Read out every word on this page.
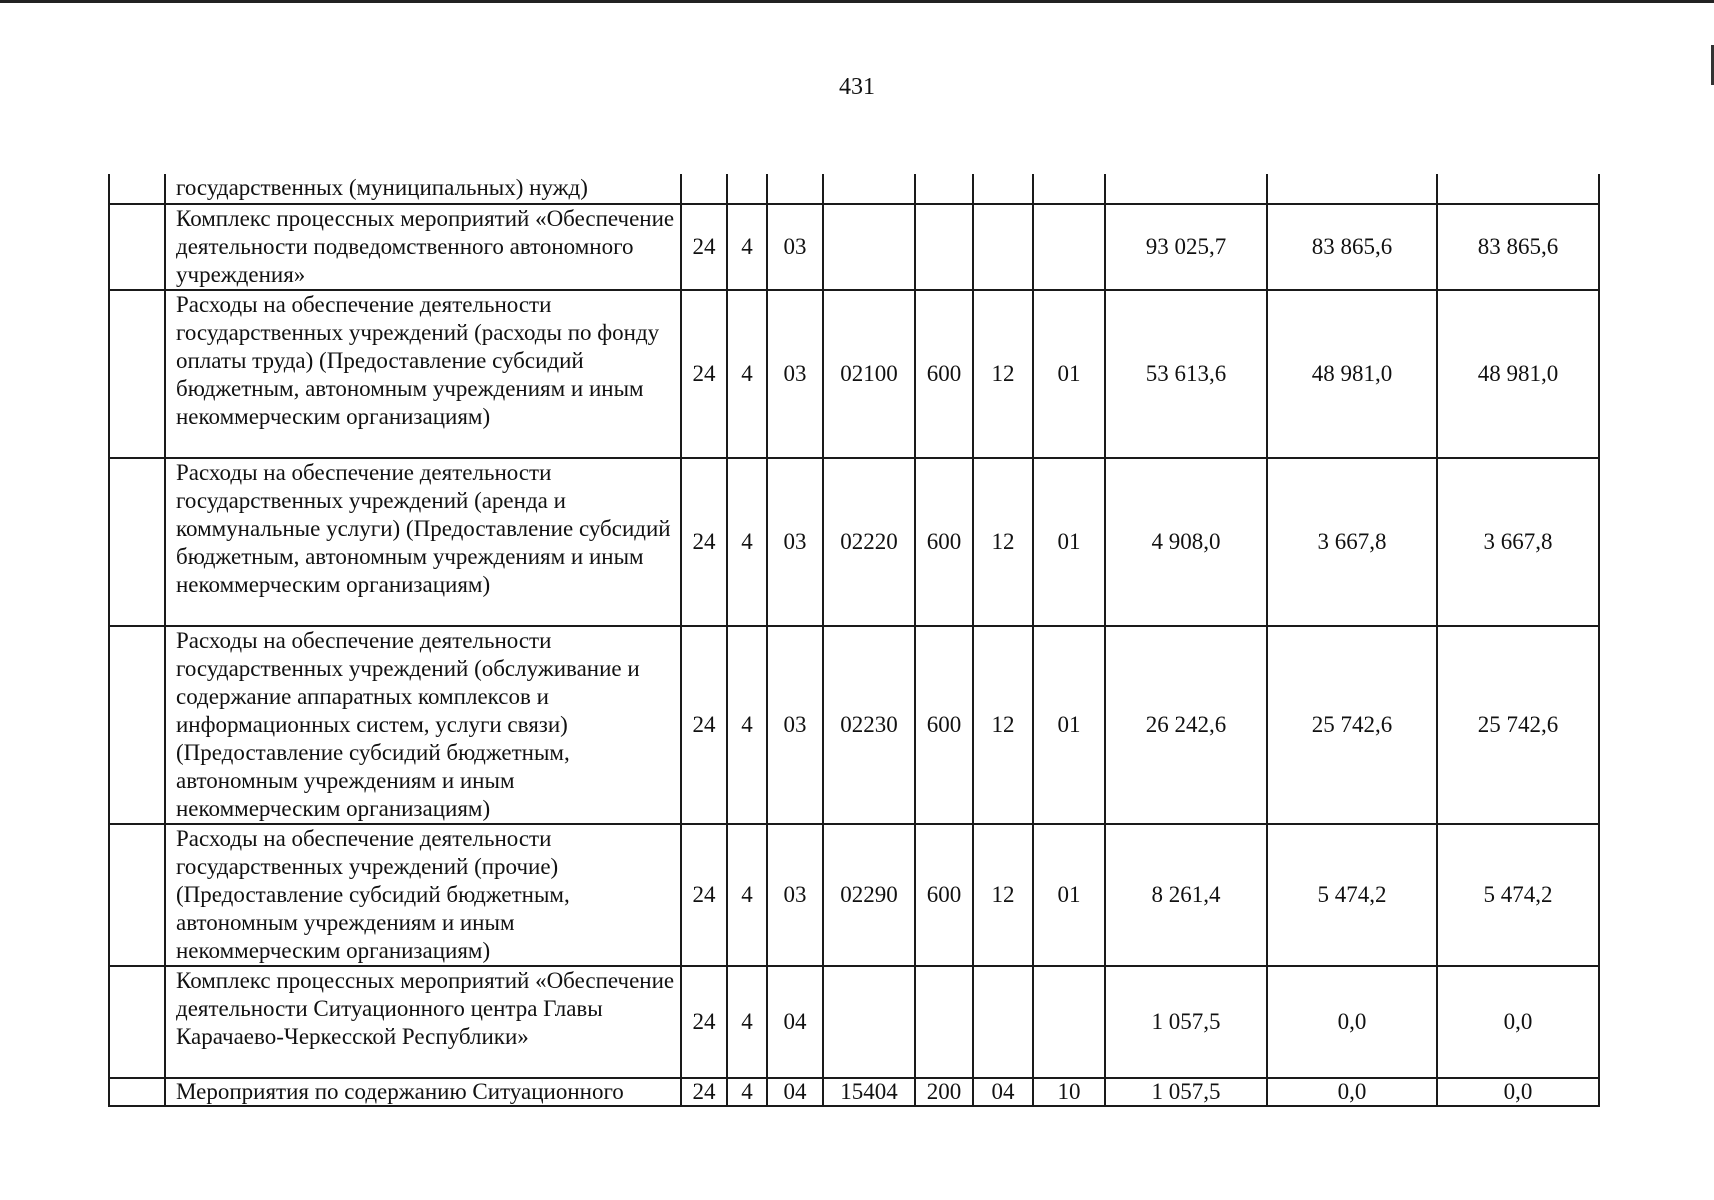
431
	государственных (муниципальных) нужд)										
	Комплекс процессных мероприятий «Обеспечение деятельности подведомственного автономного учреждения»	24	4	03					93 025,7	83 865,6	83 865,6
	Расходы на обеспечение деятельности государственных учреждений (расходы по фонду оплаты труда) (Предоставление субсидий бюджетным, автономным учреждениям и иным некоммерческим организациям)	24	4	03	02100	600	12	01	53 613,6	48 981,0	48 981,0
	Расходы на обеспечение деятельности государственных учреждений (аренда и коммунальные услуги) (Предоставление субсидий бюджетным, автономным учреждениям и иным некоммерческим организациям)	24	4	03	02220	600	12	01	4 908,0	3 667,8	3 667,8
	Расходы на обеспечение деятельности государственных учреждений (обслуживание и содержание аппаратных комплексов и информационных систем, услуги связи) (Предоставление субсидий бюджетным, автономным учреждениям и иным некоммерческим организациям)	24	4	03	02230	600	12	01	26 242,6	25 742,6	25 742,6
	Расходы на обеспечение деятельности государственных учреждений (прочие) (Предоставление субсидий бюджетным, автономным учреждениям и иным некоммерческим организациям)	24	4	03	02290	600	12	01	8 261,4	5 474,2	5 474,2
	Комплекс процессных мероприятий «Обеспечение деятельности Ситуационного центра Главы Карачаево-Черкесской Республики»	24	4	04					1 057,5	0,0	0,0
	Мероприятия по содержанию Ситуационного	24	4	04	15404	200	04	10	1 057,5	0,0	0,0
